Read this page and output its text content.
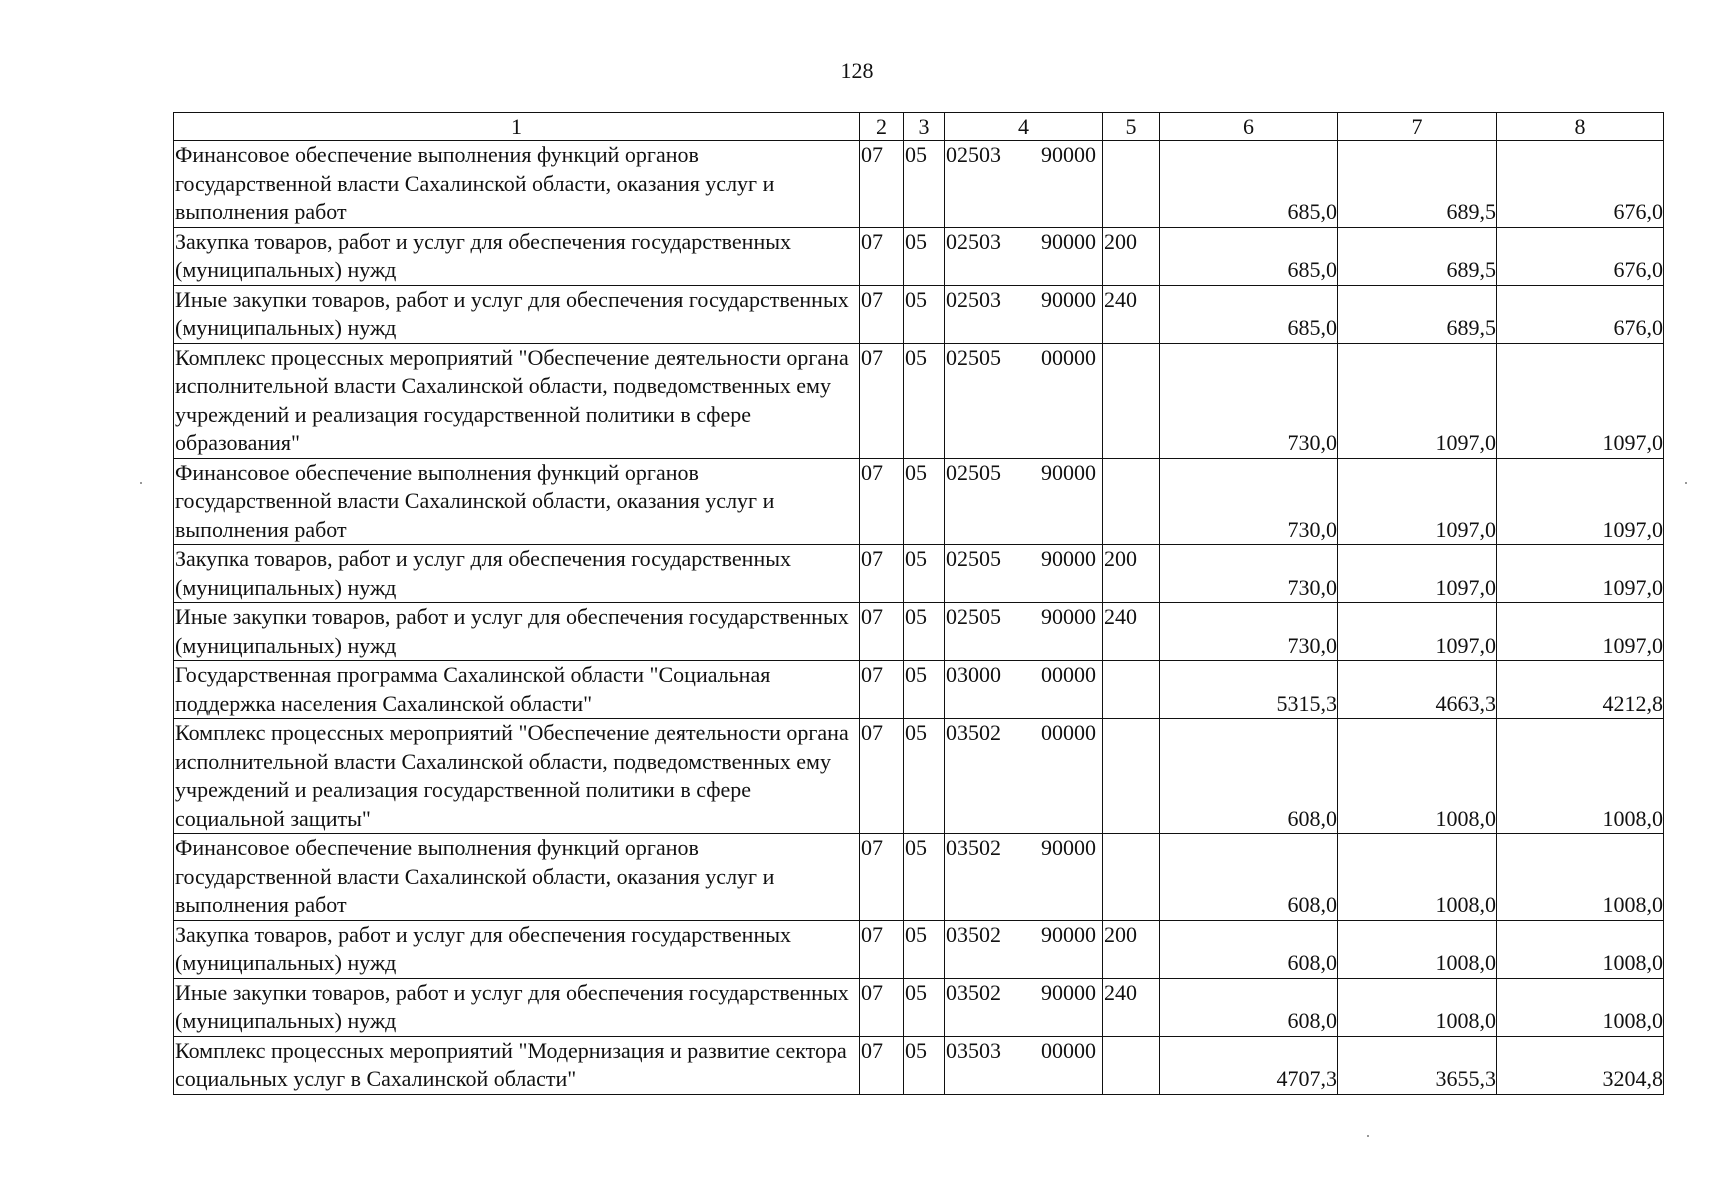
128
1	2	3	4	5	6	7	8
Финансовое обеспечение выполнения функций органов государственной власти Сахалинской области, оказания услуг и выполнения работ	07	05	02503 90000		685,0	689,5	676,0
Закупка товаров, работ и услуг для обеспечения государственных (муниципальных) нужд	07	05	02503 90000	200	685,0	689,5	676,0
Иные закупки товаров, работ и услуг для обеспечения государственных (муниципальных) нужд	07	05	02503 90000	240	685,0	689,5	676,0
Комплекс процессных мероприятий "Обеспечение деятельности органа исполнительной власти Сахалинской области, подведомственных ему учреждений и реализация государственной политики в сфере образования"	07	05	02505 00000		730,0	1097,0	1097,0
Финансовое обеспечение выполнения функций органов государственной власти Сахалинской области, оказания услуг и выполнения работ	07	05	02505 90000		730,0	1097,0	1097,0
Закупка товаров, работ и услуг для обеспечения государственных (муниципальных) нужд	07	05	02505 90000	200	730,0	1097,0	1097,0
Иные закупки товаров, работ и услуг для обеспечения государственных (муниципальных) нужд	07	05	02505 90000	240	730,0	1097,0	1097,0
Государственная программа Сахалинской области "Социальная поддержка населения Сахалинской области"	07	05	03000 00000		5315,3	4663,3	4212,8
Комплекс процессных мероприятий "Обеспечение деятельности органа исполнительной власти Сахалинской области, подведомственных ему учреждений и реализация государственной политики в сфере социальной защиты"	07	05	03502 00000		608,0	1008,0	1008,0
Финансовое обеспечение выполнения функций органов государственной власти Сахалинской области, оказания услуг и выполнения работ	07	05	03502 90000		608,0	1008,0	1008,0
Закупка товаров, работ и услуг для обеспечения государственных (муниципальных) нужд	07	05	03502 90000	200	608,0	1008,0	1008,0
Иные закупки товаров, работ и услуг для обеспечения государственных (муниципальных) нужд	07	05	03502 90000	240	608,0	1008,0	1008,0
Комплекс процессных мероприятий "Модернизация и развитие сектора социальных услуг в Сахалинской области"	07	05	03503 00000		4707,3	3655,3	3204,8
